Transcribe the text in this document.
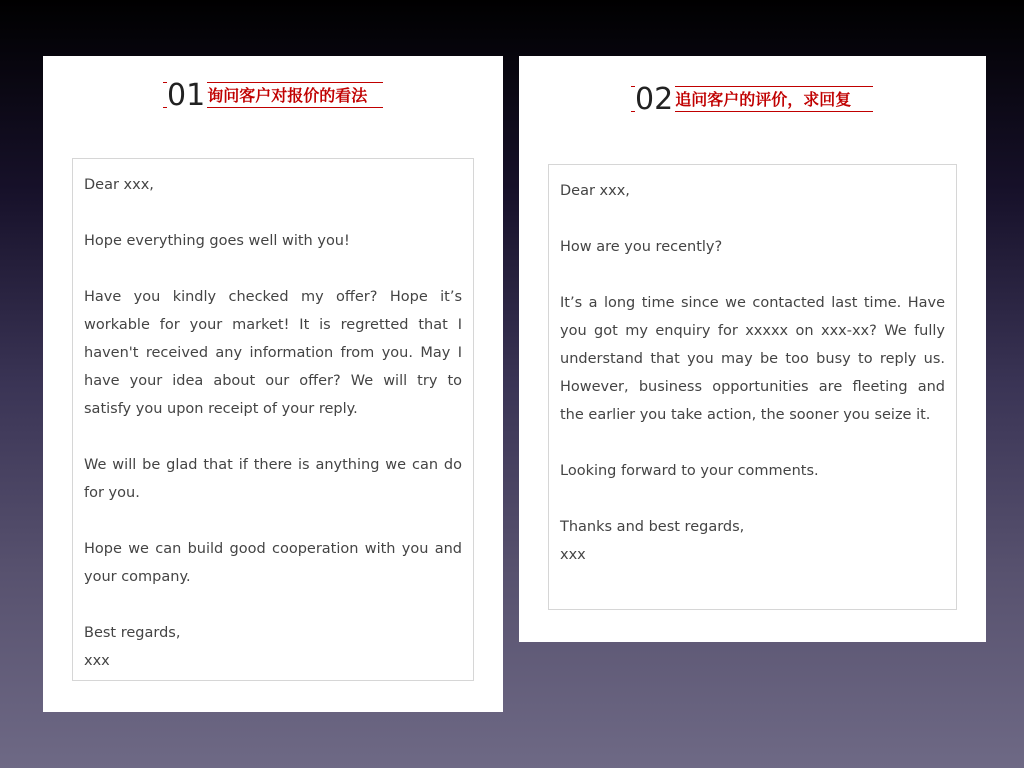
01 询问客户对报价的看法

Dear xxx,

Hope everything goes well with you!

Have you kindly checked my offer? Hope it’s workable for your market! It is regretted that I haven't received any information from you. May I have your idea about our offer? We will try to satisfy you upon receipt of your reply.

We will be glad that if there is anything we can do for you.

Hope we can build good cooperation with you and your company.

Best regards,

xxx

02 追问客户的评价，求回复

Dear xxx,

How are you recently?

It’s a long time since we contacted last time. Have you got my enquiry for xxxxx on xxx-xx? We fully understand that you may be too busy to reply us. However, business opportunities are fleeting and the earlier you take action, the sooner you seize it.

Looking forward to your comments.

Thanks and best regards,

xxx
